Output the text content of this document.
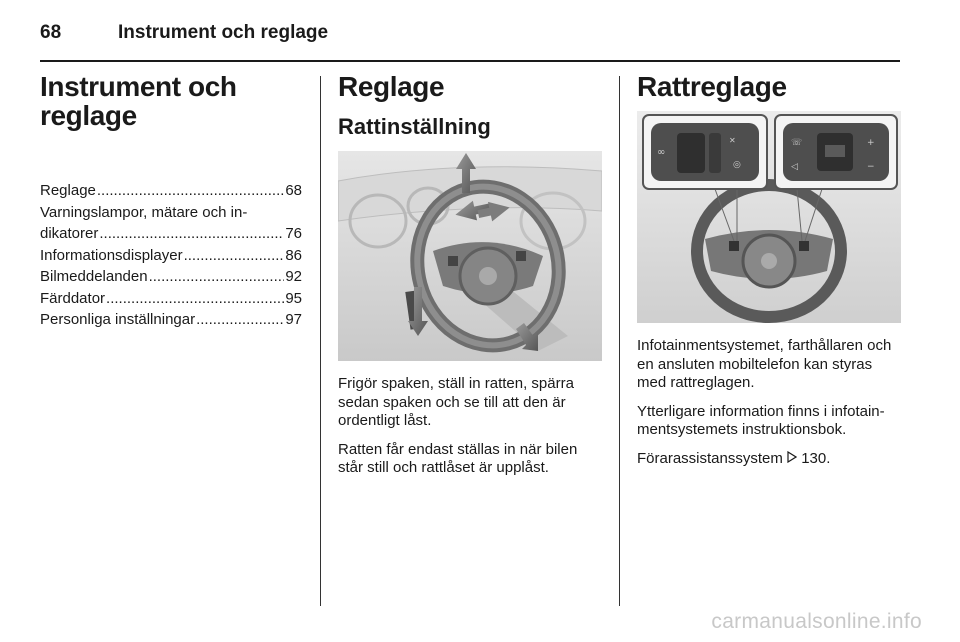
68	Instrument och reglage
Instrument och reglage
Reglage .....	68
Varningslampor, mätare och in-
dikatorer .....	76
Informationsdisplayer .....	86
Bilmeddelanden .....	92
Färddator .....	95
Personliga inställningar .....	97
Reglage
Rattinställning

Frigör spaken, ställ in ratten, spärra sedan spaken och se till att den är ordentligt låst.

Ratten får endast ställas in när bilen står still och rattlåset är upplåst.

Rattreglage
∞
✕
◎
☏
◁
+
−

Infotainmentsystemet, farthållaren och en ansluten mobiltelefon kan styras med rattreglagen.

Ytterligare information finns i infotainmentsystemets instruktionsbok.

Förarassistanssystem 130.

carmanualsonline.info
